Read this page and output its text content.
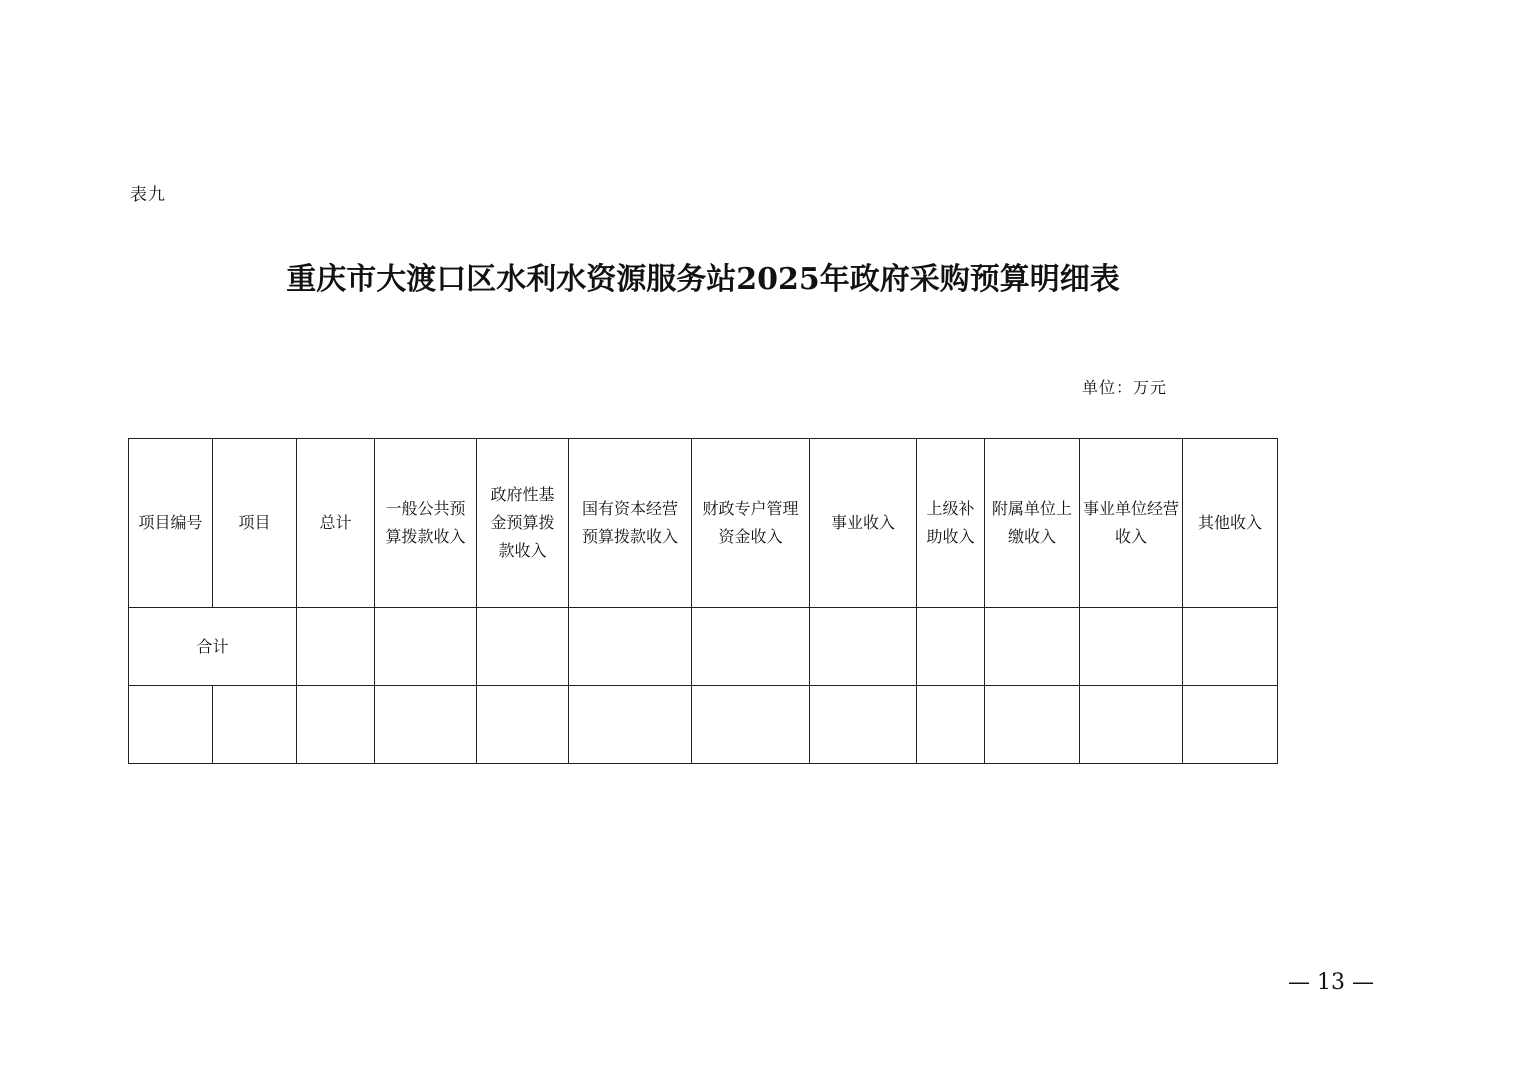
表九
重庆市大渡口区水利水资源服务站2025年政府采购预算明细表
单位：万元
项目编号	项目	总计	一般公共预算拨款收入	政府性基金预算拨款收入	国有资本经营预算拨款收入	财政专户管理资金收入	事业收入	上级补助收入	附属单位上缴收入	事业单位经营收入	其他收入
合计											

— 13 —
